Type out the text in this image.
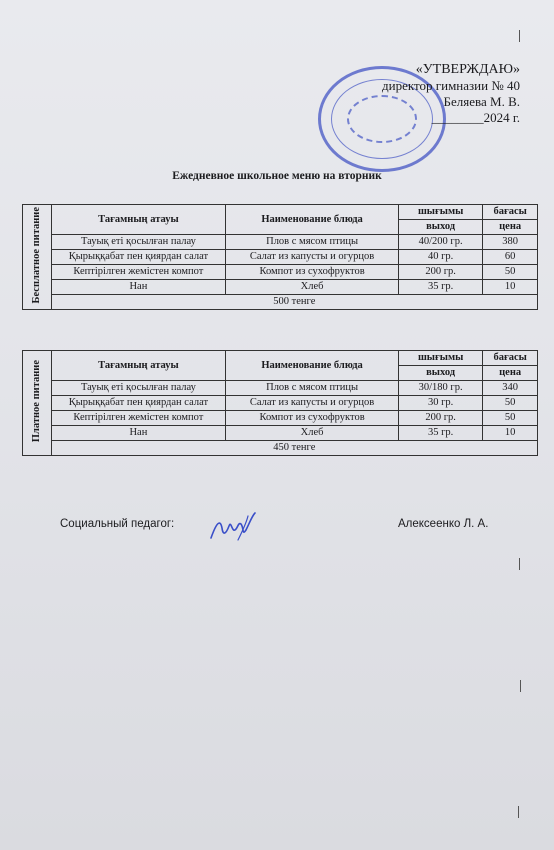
«УТВЕРЖДАЮ»
директор гимназии № 40
Беляева М. В.
________2024 г.
Ежедневное школьное меню на вторник
Бесплатное питание	Тағамның атауы	Наименование блюда	шығымы	бағасы
			выход	цена
	Тауық еті қосылған палау	Плов с мясом птицы	40/200 гр.	380
	Қырыққабат пен қиярдан салат	Салат из капусты и огурцов	40 гр.	60
	Кептірілген жемістен компот	Компот из сухофруктов	200 гр.	50
	Нан	Хлеб	35 гр.	10
	500 тенге			
Платное питание	Тағамның атауы	Наименование блюда	шығымы	бағасы
			выход	цена
	Тауық еті қосылған палау	Плов с мясом птицы	30/180 гр.	340
	Қырыққабат пен қиярдан салат	Салат из капусты и огурцов	30 гр.	50
	Кептірілген жемістен компот	Компот из сухофруктов	200 гр.	50
	Нан	Хлеб	35 гр.	10
	450 тенге			
Социальный педагог:	Алексеенко Л. А.
